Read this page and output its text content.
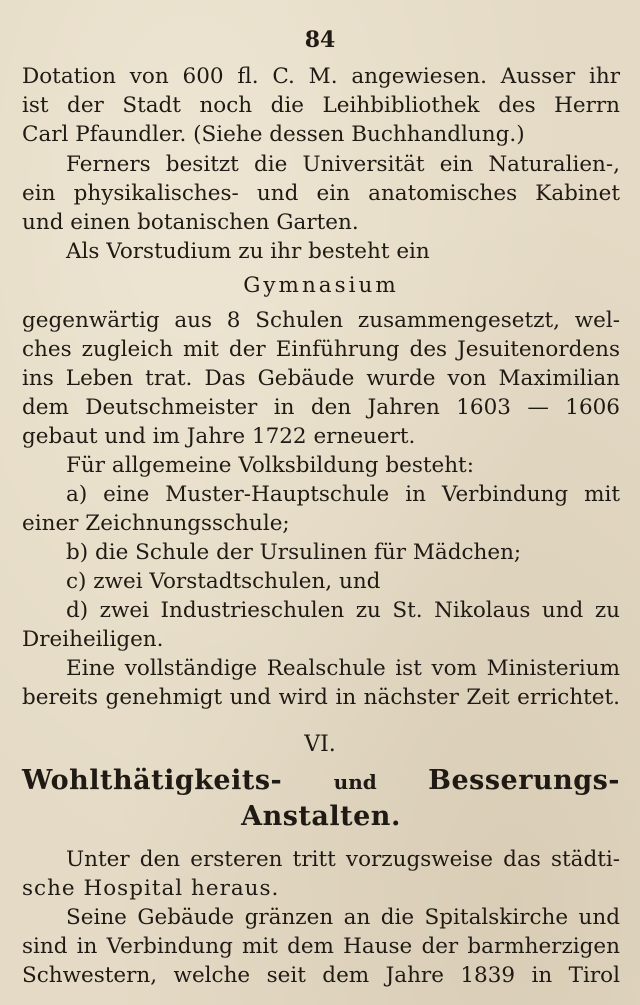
84
Dotation von 600 fl. C. M. angewiesen. Ausser ihr
ist der Stadt noch die Leihbibliothek des Herrn
Carl Pfaundler. (Siehe dessen Buchhandlung.)
Ferners besitzt die Universität ein Naturalien-,
ein physikalisches- und ein anatomisches Kabinet
und einen botanischen Garten.
Als Vorstudium zu ihr besteht ein
Gymnasium
gegenwärtig aus 8 Schulen zusammengesetzt, wel-
ches zugleich mit der Einführung des Jesuitenordens
ins Leben trat. Das Gebäude wurde von Maximilian
dem Deutschmeister in den Jahren 1603 — 1606
gebaut und im Jahre 1722 erneuert.
Für allgemeine Volksbildung besteht:
a) eine Muster-Hauptschule in Verbindung mit
einer Zeichnungsschule;
b) die Schule der Ursulinen für Mädchen;
c) zwei Vorstadtschulen, und
d) zwei Industrieschulen zu St. Nikolaus und zu
Dreiheiligen.
Eine vollständige Realschule ist vom Ministerium
bereits genehmigt und wird in nächster Zeit errichtet.
VI.
Wohlthätigkeits-	und Besserungs-
Anstalten.
Unter den ersteren tritt vorzugsweise das städti-
sche Hospital heraus.
Seine Gebäude gränzen an die Spitalskirche und
sind in Verbindung mit dem Hause der barmherzigen
Schwestern, welche seit dem Jahre 1839 in Tirol
